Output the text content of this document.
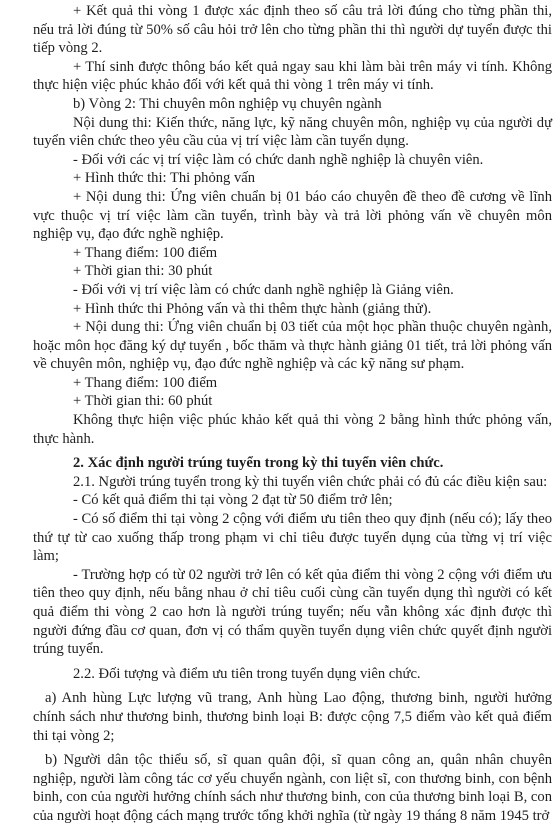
+ Kết quả thi vòng 1 được xác định theo số câu trả lời đúng cho từng phần thi, nếu trả lời đúng từ 50% số câu hỏi trở lên cho từng phần thi thì người dự tuyển được thi tiếp vòng 2.

+ Thí sinh được thông báo kết quả ngay sau khi làm bài trên máy vi tính. Không thực hiện việc phúc khảo đối với kết quả thi vòng 1 trên máy vi tính.

b) Vòng 2: Thi chuyên môn nghiệp vụ chuyên ngành

Nội dung thi: Kiến thức, năng lực, kỹ năng chuyên môn, nghiệp vụ của người dự tuyển viên chức theo yêu cầu của vị trí việc làm cần tuyển dụng.

- Đối với các vị trí việc làm có chức danh nghề nghiệp là chuyên viên.

+ Hình thức thi: Thi phỏng vấn

+ Nội dung thi: Ứng viên chuẩn bị 01 báo cáo chuyên đề theo đề cương về lĩnh vực thuộc vị trí việc làm cần tuyển, trình bày và trả lời phỏng vấn về chuyên môn nghiệp vụ, đạo đức nghề nghiệp.

+ Thang điểm: 100 điểm

+ Thời gian thi: 30 phút

- Đối với vị trí việc làm có chức danh nghề nghiệp là Giảng viên.

+ Hình thức thi Phỏng vấn và thi thêm thực hành (giảng thử).

+ Nội dung thi: Ứng viên chuẩn bị 03 tiết của một học phần thuộc chuyên ngành, hoặc môn học đăng ký dự tuyển , bốc thăm và thực hành giảng 01 tiết, trả lời phỏng vấn về chuyên môn, nghiệp vụ, đạo đức nghề nghiệp và các kỹ năng sư phạm.

+ Thang điểm: 100 điểm

+ Thời gian thi: 60 phút

Không thực hiện việc phúc khảo kết quả thi vòng 2 bằng hình thức phỏng vấn, thực hành.

2. Xác định người trúng tuyển trong kỳ thi tuyển viên chức.

2.1. Người trúng tuyển trong kỳ thi tuyển viên chức phải có đủ các điều kiện sau:

- Có kết quả điểm thi tại vòng 2 đạt từ 50 điểm trở lên;

- Có số điểm thi tại vòng 2 cộng với điểm ưu tiên theo quy định (nếu có); lấy theo thứ tự từ cao xuống thấp trong phạm vi chỉ tiêu được tuyển dụng của từng vị trí việc làm;

- Trường hợp có từ 02 người trở lên có kết qủa điểm thi vòng 2 cộng với điểm ưu tiên theo quy định, nếu bằng nhau ở chỉ tiêu cuối cùng cần tuyển dụng thì người có kết quả điểm thi vòng 2 cao hơn là người trúng tuyển; nếu vẫn không xác định được thì người đứng đầu cơ quan, đơn vị có thẩm quyền tuyển dụng viên chức quyết định người trúng tuyển.

2.2. Đối tượng và điểm ưu tiên trong tuyển dụng viên chức.

a) Anh hùng Lực lượng vũ trang, Anh hùng Lao động, thương binh, người hưởng chính sách như thương binh, thương binh loại B: được cộng 7,5 điểm vào kết quả điểm thi tại vòng 2;

b) Người dân tộc thiểu số, sĩ quan quân đội, sĩ quan công an, quân nhân chuyên nghiệp, người làm công tác cơ yếu chuyển ngành, con liệt sĩ, con thương binh, con bệnh binh, con của người hưởng chính sách như thương binh, con của thương binh loại B, con của người hoạt động cách mạng trước tổng khởi nghĩa (từ ngày 19 tháng 8 năm 1945 trở
